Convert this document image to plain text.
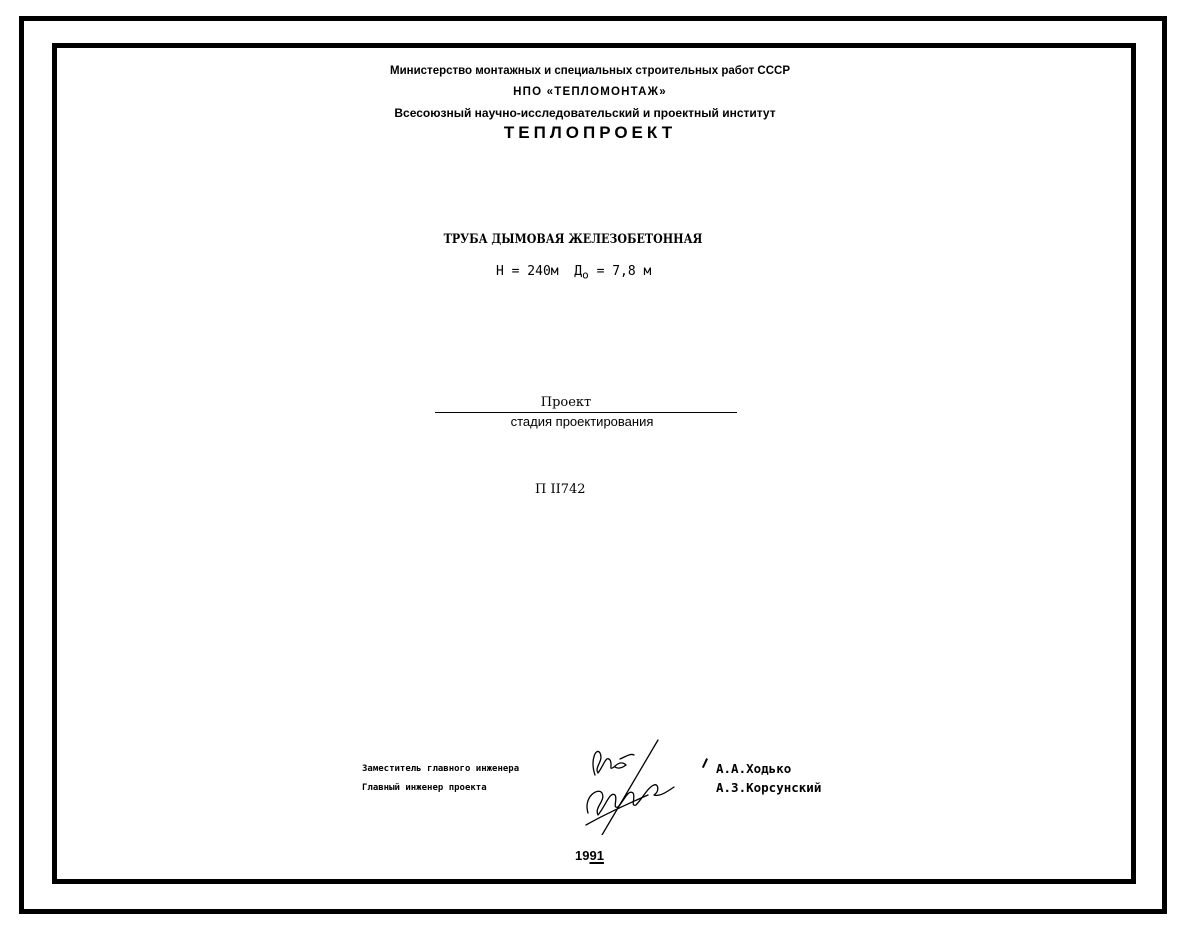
Министерство монтажных и специальных строительных работ СССР
НПО «ТЕПЛОМОНТАЖ»
Всесоюзный научно-исследовательский и проектный институт
ТЕПЛОПРОЕКТ
ТРУБА ДЫМОВАЯ ЖЕЛЕЗОБЕТОННАЯ
Н = 240м $Д_о = 7,8$ м
Проект
стадия проектирования
П II742
Заместитель главного инженера
Главный инженер проекта
А.А.Ходько
А.З.Корсунский
1991
